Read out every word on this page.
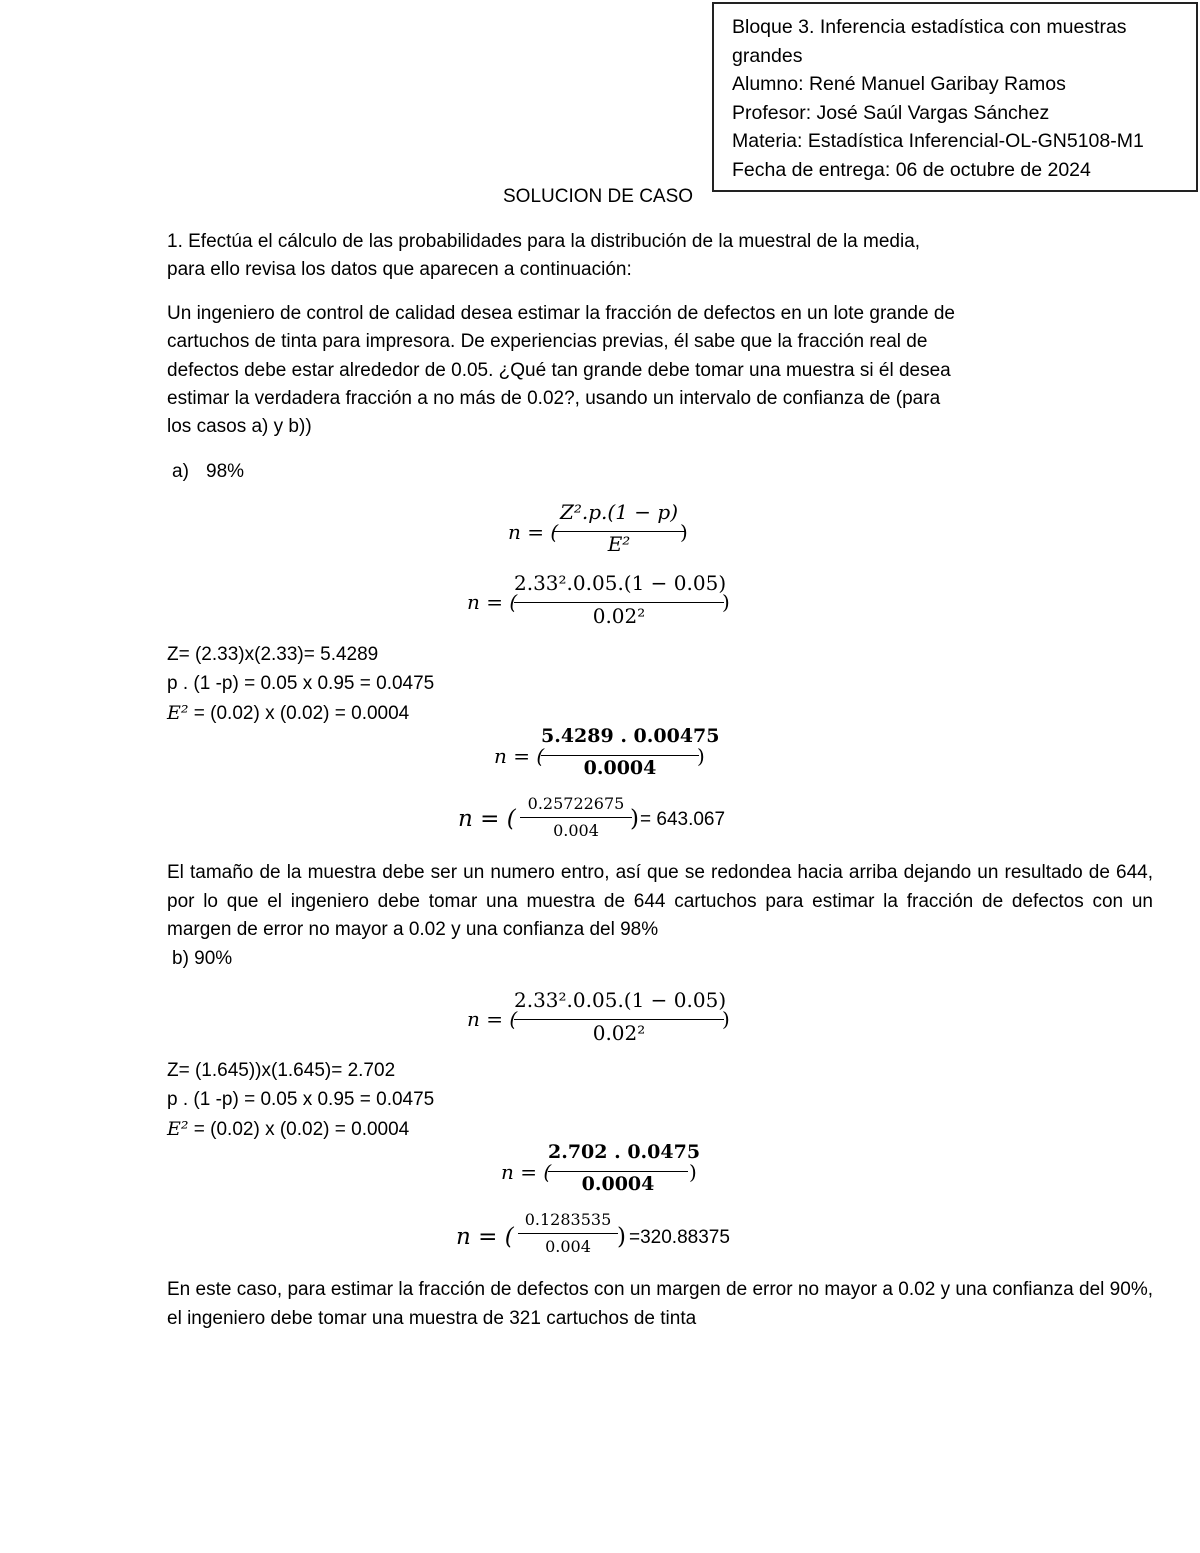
Bloque 3. Inferencia estadística con muestras
grandes
Alumno: René Manuel Garibay Ramos
Profesor: José Saúl Vargas Sánchez
Materia: Estadística Inferencial-OL-GN5108-M1
Fecha de entrega: 06 de octubre de 2024
SOLUCION DE CASO
1. Efectúa el cálculo de las probabilidades para la distribución de la muestral de la media,
para ello revisa los datos que aparecen a continuación:
Un ingeniero de control de calidad desea estimar la fracción de defectos en un lote grande de
cartuchos de tinta para impresora. De experiencias previas, él sabe que la fracción real de
defectos debe estar alrededor de 0.05. ¿Qué tan grande debe tomar una muestra si él desea
estimar la verdadera fracción a no más de 0.02?, usando un intervalo de confianza de (para
los casos a) y b))
a) 98%
n = (
Z².p.(1 − p)
E²	)
n = (
2.33².0.05.(1 − 0.05)
0.02²
)
Z= (2.33)x(2.33)= 5.4289
p . (1 -p) = 0.05 x 0.95 = 0.0475
E² = (0.02) x (0.02) = 0.0004
n = (
5.4289 . 0.00475
0.0004	)
n = (
0.25722675
0.004	) = 643.067
El tamaño de la muestra debe ser un numero entro, así que se redondea hacia arriba dejando un resultado de 644, por lo que el ingeniero debe tomar una muestra de 644 cartuchos para estimar la fracción de defectos con un margen de error no mayor a 0.02 y una confianza del 98%
b) 90%
n = (
2.33².0.05.(1 − 0.05)
0.02²
)
Z= (1.645))x(1.645)= 2.702
p . (1 -p) = 0.05 x 0.95 = 0.0475
E² = (0.02) x (0.02) = 0.0004
n = (
2.702 . 0.0475
0.0004	)
n = (
0.1283535
0.004	) =320.88375
En este caso, para estimar la fracción de defectos con un margen de error no mayor a 0.02 y una confianza del 90%, el ingeniero debe tomar una muestra de 321 cartuchos de tinta
